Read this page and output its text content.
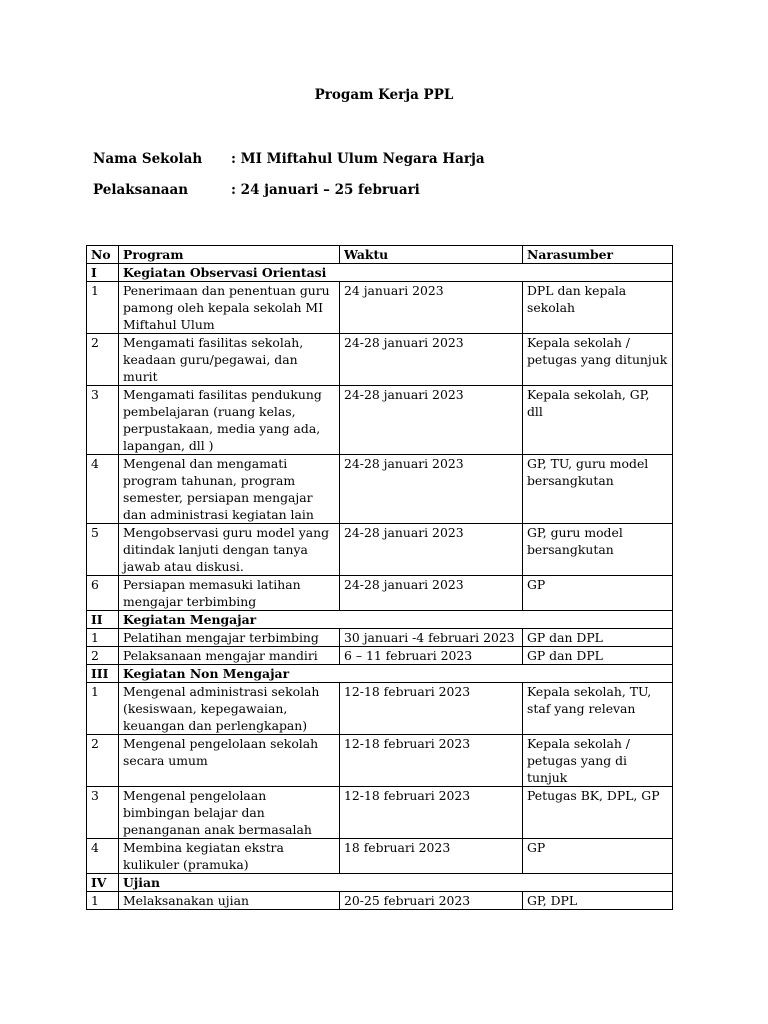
Progam Kerja PPL
Nama Sekolah : MI Miftahul Ulum Negara Harja
Pelaksanaan	: 24 januari – 25 februari
No	Program	Waktu	Narasumber
I	Kegiatan Observasi Orientasi		
1	Penerimaan dan penentuan guru pamong oleh kepala sekolah MI Miftahul Ulum	24 januari 2023	DPL dan kepala sekolah
2	Mengamati fasilitas sekolah, keadaan guru/pegawai, dan murit	24-28 januari 2023	Kepala sekolah / petugas yang ditunjuk
3	Mengamati fasilitas pendukung pembelajaran (ruang kelas, perpustakaan, media yang ada, lapangan, dll )	24-28 januari 2023	Kepala sekolah, GP, dll
4	Mengenal dan mengamati program tahunan, program semester, persiapan mengajar dan administrasi kegiatan lain	24-28 januari 2023	GP, TU, guru model bersangkutan
5	Mengobservasi guru model yang ditindak lanjuti dengan tanya jawab atau diskusi.	24-28 januari 2023	GP, guru model bersangkutan
6	Persiapan memasuki latihan mengajar terbimbing	24-28 januari 2023	GP
II	Kegiatan Mengajar		
1	Pelatihan mengajar terbimbing	30 januari -4 februari 2023	GP dan DPL
2	Pelaksanaan mengajar mandiri	6 – 11 februari 2023	GP dan DPL
III	Kegiatan Non Mengajar		
1	Mengenal administrasi sekolah (kesiswaan, kepegawaian, keuangan dan perlengkapan)	12-18 februari 2023	Kepala sekolah, TU, staf yang relevan
2	Mengenal pengelolaan sekolah secara umum	12-18 februari 2023	Kepala sekolah / petugas yang di tunjuk
3	Mengenal pengelolaan bimbingan belajar dan penanganan anak bermasalah	12-18 februari 2023	Petugas BK, DPL, GP
4	Membina kegiatan ekstra kulikuler (pramuka)	18 februari 2023	GP
IV	Ujian		
1	Melaksanakan ujian	20-25 februari 2023	GP, DPL
